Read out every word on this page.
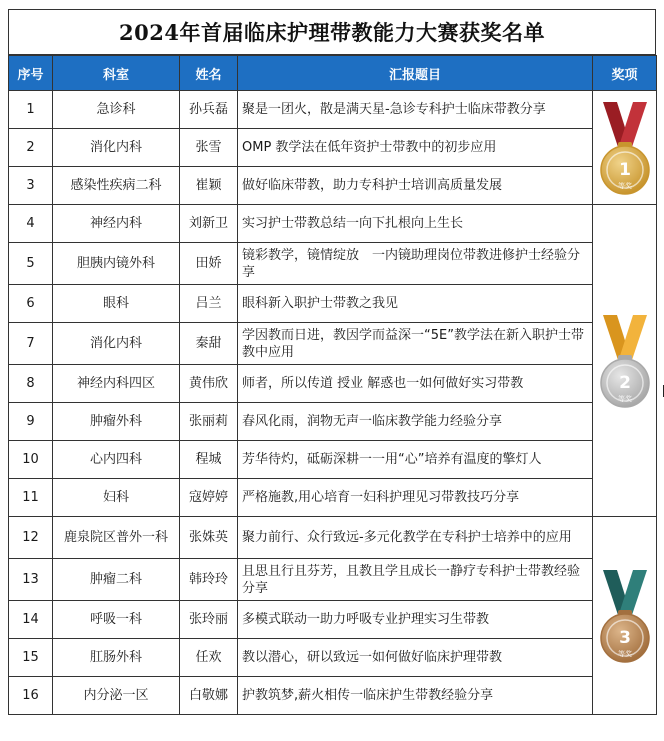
2024年首届临床护理带教能力大赛获奖名单
序号	科室	姓名	汇报题目	奖项
1	急诊科	孙兵磊	聚是一团火，散是满天星-急诊专科护士临床带教分享	1
等奖

2	消化内科	张雪	OMP 教学法在低年资护士带教中的初步应用	
3	感染性疾病二科	崔颖	做好临床带教，助力专科护士培训高质量发展	
4	神经内科	刘新卫	实习护士带教总结一向下扎根向上生长	2
等奖

5	胆胰内镜外科	田娇	镜彩教学，镜情绽放　一内镜助理岗位带教进修护士经验分享	
6	眼科	吕兰	眼科新入职护士带教之我见	
7	消化内科	秦甜	学因教而日进，教因学而益深一“5E”教学法在新入职护士带教中应用	
8	神经内科四区	黄伟欣	师者，所以传道 授业 解惑也一如何做好实习带教	
9	肿瘤外科	张丽莉	春风化雨，润物无声一临床教学能力经验分享	
10	心内四科	程城	芳华待灼，砥砺深耕一一用“心”培养有温度的擎灯人	
11	妇科	寇婷婷	严格施教,用心培育一妇科护理见习带教技巧分享	
12	鹿泉院区普外一科	张姝英	聚力前行、众行致远-多元化教学在专科护士培养中的应用	3
等奖

13	肿瘤二科	韩玲玲	且思且行且芬芳，且教且学且成长一静疗专科护士带教经验分享	
14	呼吸一科	张玲丽	多模式联动一助力呼吸专业护理实习生带教	
15	肛肠外科	任欢	教以潜心，研以致远一如何做好临床护理带教	
16	内分泌一区	白敬娜	护教筑梦,薪火相传一临床护生带教经验分享	
